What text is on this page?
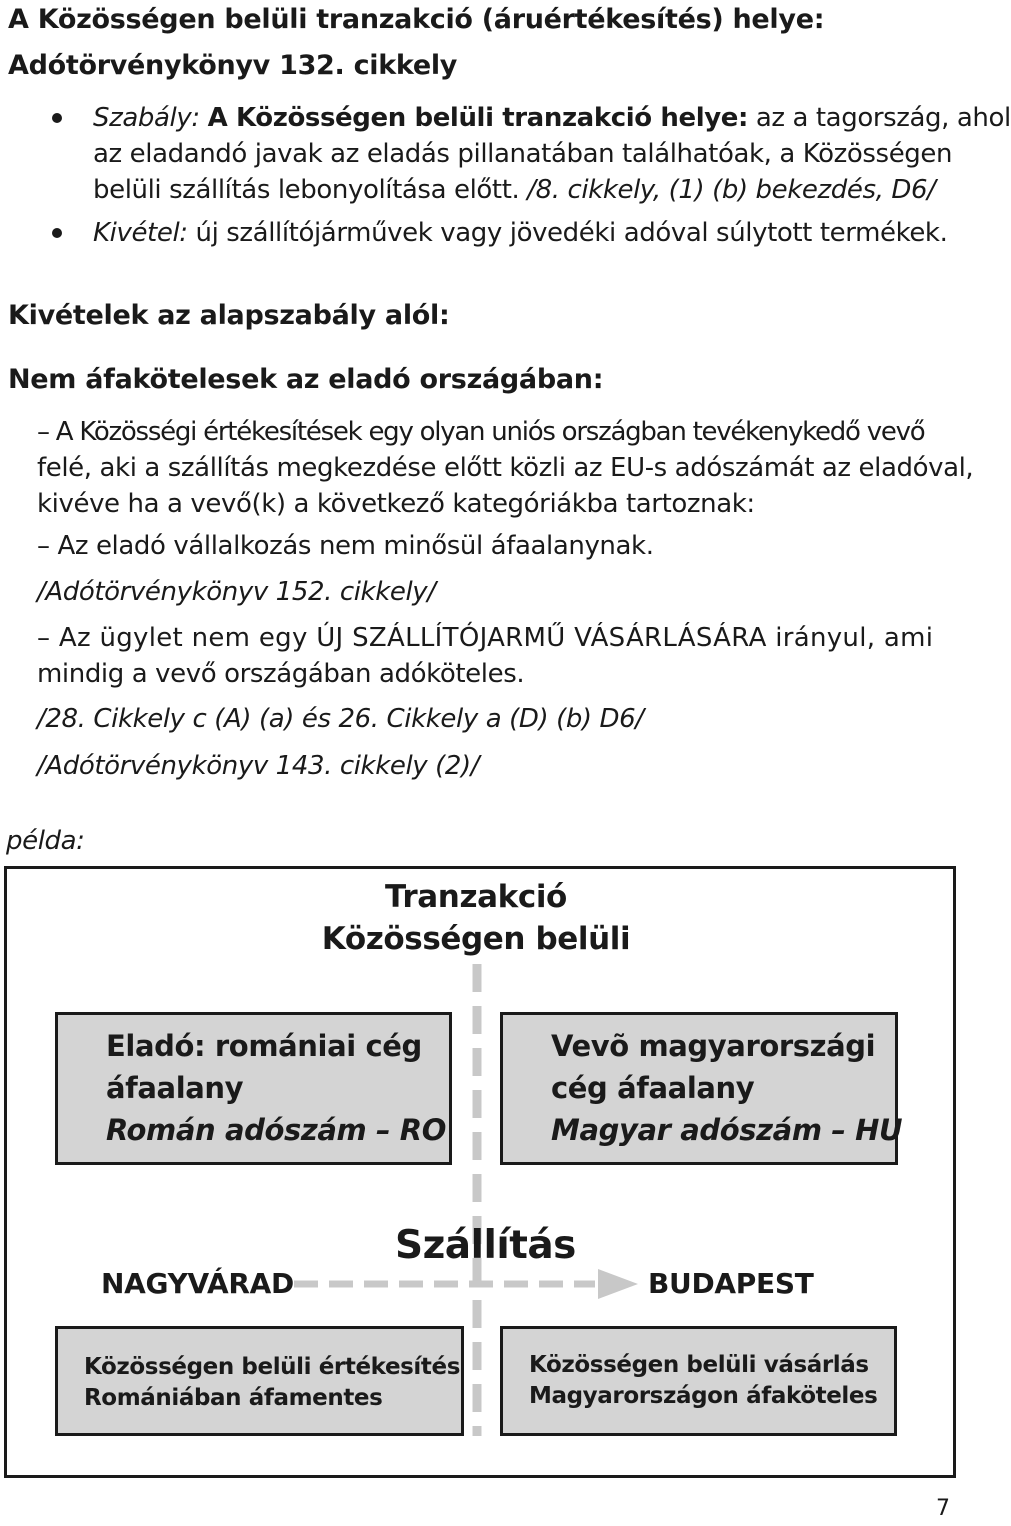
A Közösségen belüli tranzakció (áruértékesítés) helye:
Adótörvénykönyv 132. cikkely

Szabály: A Közösségen belüli tranzakció helye: az a tagország, ahol

az eladandó javak az eladás pillanatában találhatóak, a Közösségen

belüli szállítás lebonyolítása előtt. /8. cikkely, (1) (b) bekezdés, D6/

Kivétel: új szállítójárművek vagy jövedéki adóval súlytott termékek.
Kivételek az alapszabály alól:
Nem áfakötelesek az eladó országában:

– A Közösségi értékesítések egy olyan uniós országban tevékenykedő vevő

felé, aki a szállítás megkezdése előtt közli az EU-s adószámát az eladóval,

kivéve ha a vevő(k) a következő kategóriákba tartoznak:

– Az eladó vállalkozás nem minősül áfaalanynak.
/Adótörvénykönyv 152. cikkely/

– Az ügylet nem egy ÚJ SZÁLLÍTÓJARMŰ VÁSÁRLÁSÁRA irányul, ami

mindig a vevő országában adóköteles.

/28. Cikkely c (A) (a) és 26. Cikkely a (D) (b) D6/
/Adótörvénykönyv 143. cikkely (2)/
példa:
Tranzakció
Közösségen belüli
Eladó: romániai cég
áfaalany
Román adószám – RO
Vevõ magyarországi
cég áfaalany
Magyar adószám – HU
Szállítás
NAGYVÁRAD	BUDAPEST
Közösségen belüli értékesítés
Romániában áfamentes
Közösségen belüli vásárlás
Magyarországon áfaköteles
7
